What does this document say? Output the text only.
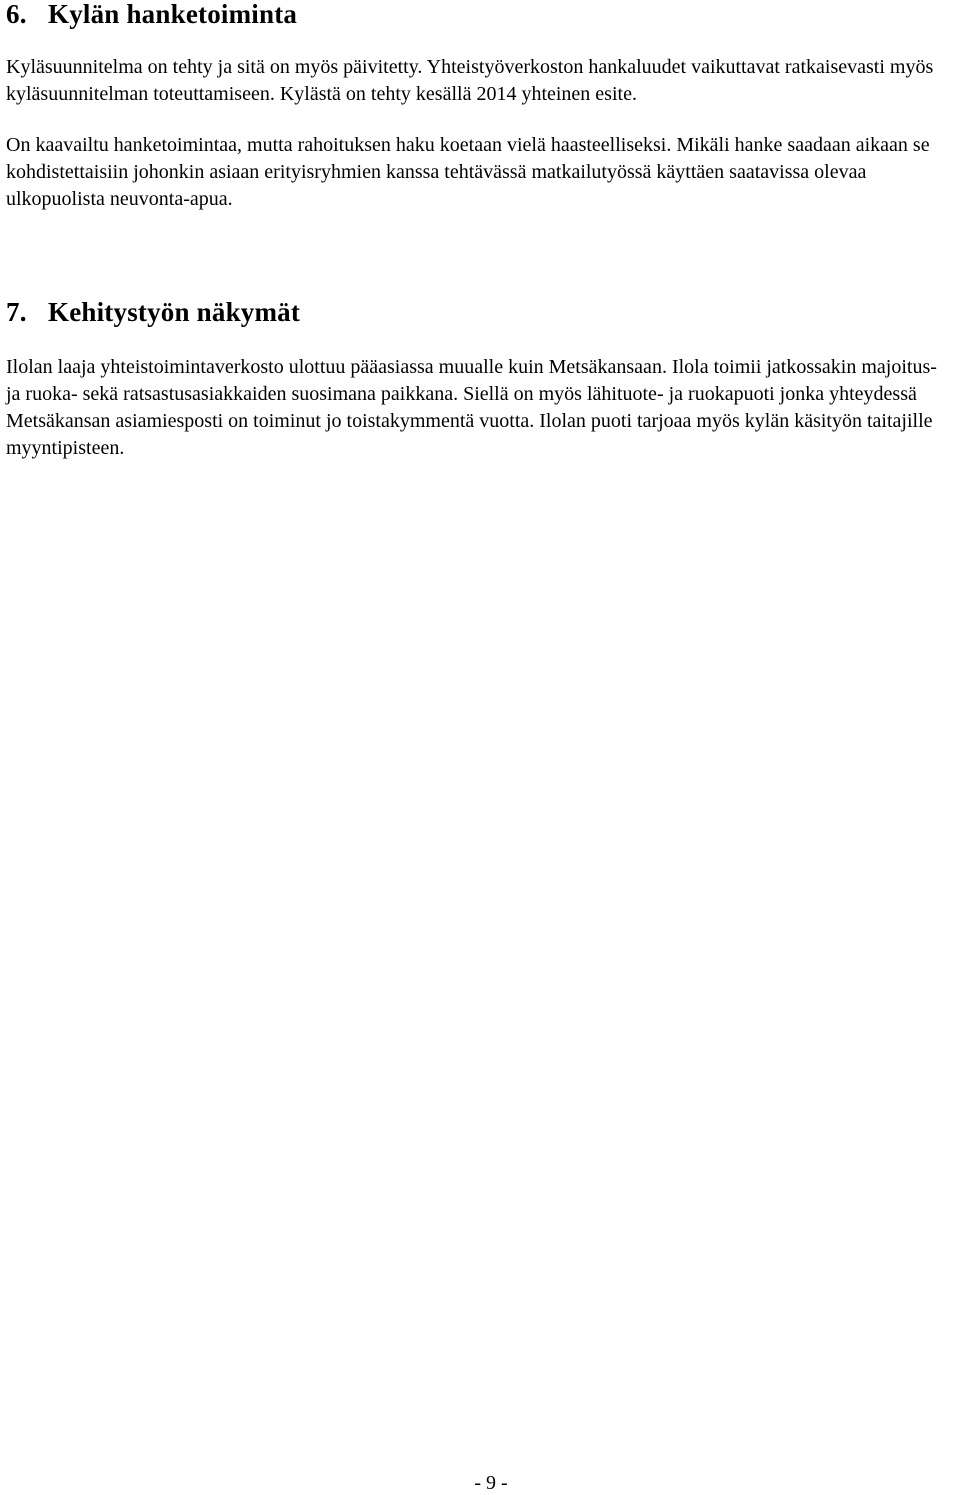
6. Kylän hanketoiminta

Kyläsuunnitelma on tehty ja sitä on myös päivitetty. Yhteistyöverkoston hankaluudet vaikuttavat ratkaisevasti myös kyläsuunnitelman toteuttamiseen. Kylästä on tehty kesällä 2014 yhteinen esite.

On kaavailtu hanketoimintaa, mutta rahoituksen haku koetaan vielä haasteelliseksi. Mikäli hanke saadaan aikaan se kohdistettaisiin johonkin asiaan erityisryhmien kanssa tehtävässä matkailutyössä käyttäen saatavissa olevaa ulkopuolista neuvonta-apua.

7. Kehitystyön näkymät

Ilolan laaja yhteistoimintaverkosto ulottuu pääasiassa muualle kuin Metsäkansaan. Ilola toimii jatkossakin majoitus- ja ruoka- sekä ratsastusasiakkaiden suosimana paikkana. Siellä on myös lähituote- ja ruokapuoti jonka yhteydessä Metsäkansan asiamiesposti on toiminut jo toistakymmentä vuotta. Ilolan puoti tarjoaa myös kylän käsityön taitajille myyntipisteen.

- 9 -
